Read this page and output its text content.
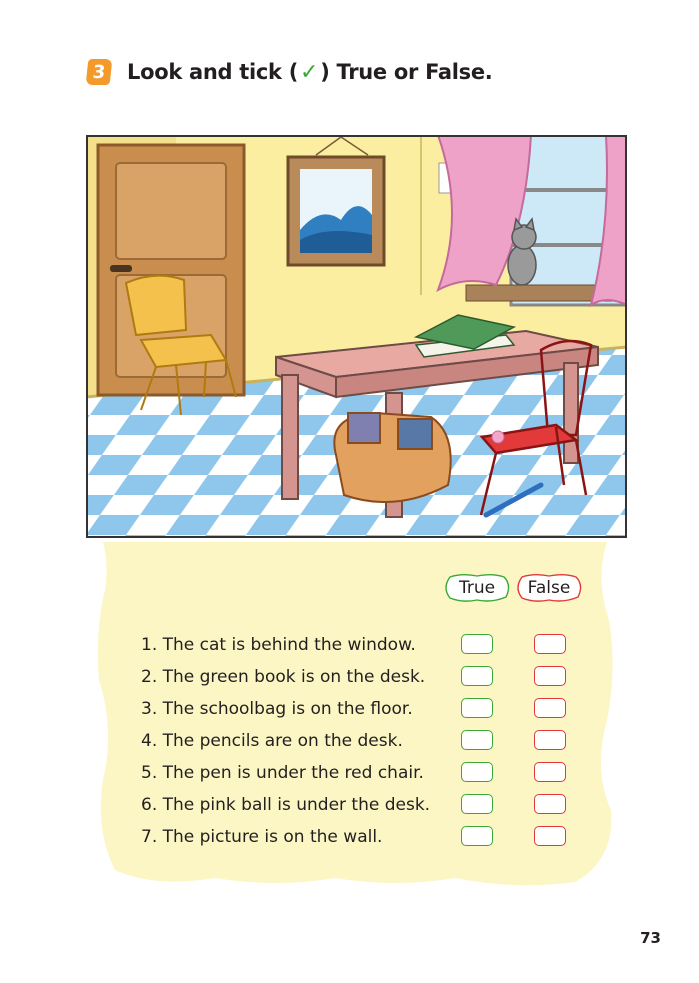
3 Look and tick (✓) True or False.
True	False
1. The cat is behind the window.
2. The green book is on the desk.
3. The schoolbag is on the floor.
4. The pencils are on the desk.
5. The pen is under the red chair.
6. The pink ball is under the desk.
7. The picture is on the wall.
73
